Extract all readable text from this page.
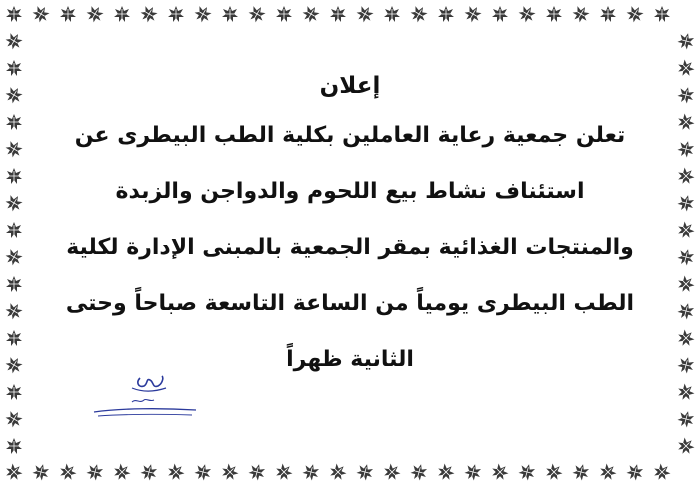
إعلان

تعلن جمعية رعاية العاملين بكلية الطب البيطرى عن

استئناف نشاط بيع اللحوم والدواجن والزبدة

والمنتجات الغذائية بمقر الجمعية بالمبنى الإدارة لكلية

الطب البيطرى يومياً من الساعة التاسعة صباحاً وحتى

الثانية ظهراً
